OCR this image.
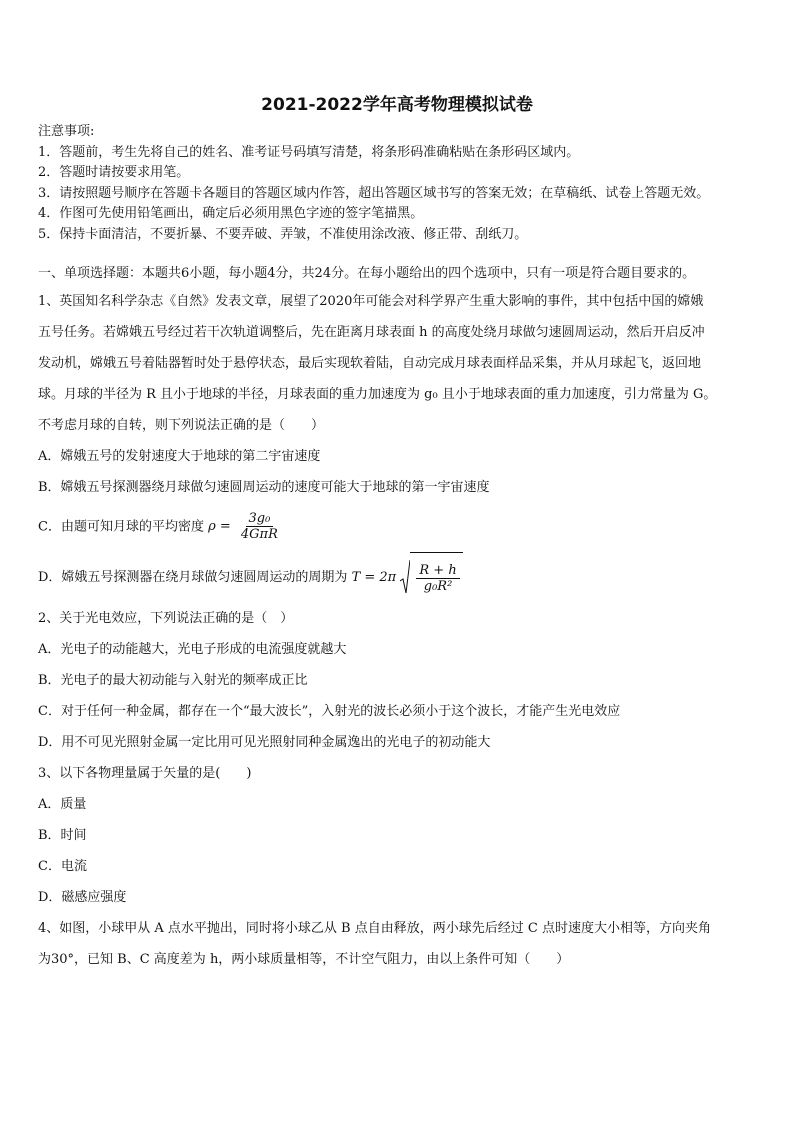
2021-2022学年高考物理模拟试卷
注意事项:
1．答题前，考生先将自己的姓名、准考证号码填写清楚，将条形码准确粘贴在条形码区域内。
2．答题时请按要求用笔。
3．请按照题号顺序在答题卡各题目的答题区域内作答，超出答题区域书写的答案无效；在草稿纸、试卷上答题无效。
4．作图可先使用铅笔画出，确定后必须用黑色字迹的签字笔描黑。
5．保持卡面清洁，不要折暴、不要弄破、弄皱，不准使用涂改液、修正带、刮纸刀。
一、单项选择题：本题共6小题，每小题4分，共24分。在每小题给出的四个选项中，只有一项是符合题目要求的。
1、英国知名科学杂志《自然》发表文章，展望了2020年可能会对科学界产生重大影响的事件，其中包括中国的嫦娥
五号任务。若嫦娥五号经过若干次轨道调整后，先在距离月球表面 h 的高度处绕月球做匀速圆周运动，然后开启反冲
发动机，嫦娥五号着陆器暂时处于悬停状态，最后实现软着陆，自动完成月球表面样品采集，并从月球起飞，返回地
球。月球的半径为 R 且小于地球的半径，月球表面的重力加速度为 g₀ 且小于地球表面的重力加速度，引力常量为 G。
不考虑月球的自转，则下列说法正确的是（　　）
A．嫦娥五号的发射速度大于地球的第二宇宙速度
B．嫦娥五号探测器绕月球做匀速圆周运动的速度可能大于地球的第一宇宙速度
C．由题可知月球的平均密度 $\rho = \frac{\text{3g₀}}{\text{4GπR}}$
D．嫦娥五号探测器在绕月球做匀速圆周运动的周期为 $T = 2\pi \frac{R + h}{\text{g₀R²}}$
2、关于光电效应，下列说法正确的是（　）
A．光电子的动能越大，光电子形成的电流强度就越大
B．光电子的最大初动能与入射光的频率成正比
C．对于任何一种金属，都存在一个“最大波长”，入射光的波长必须小于这个波长，才能产生光电效应
D．用不可见光照射金属一定比用可见光照射同种金属逸出的光电子的初动能大
3、以下各物理量属于矢量的是(　　)
A．质量
B．时间
C．电流
D．磁感应强度
4、如图，小球甲从 A 点水平抛出，同时将小球乙从 B 点自由释放，两小球先后经过 C 点时速度大小相等，方向夹角
为30°，已知 B、C 高度差为 h，两小球质量相等，不计空气阻力，由以上条件可知（　　）
